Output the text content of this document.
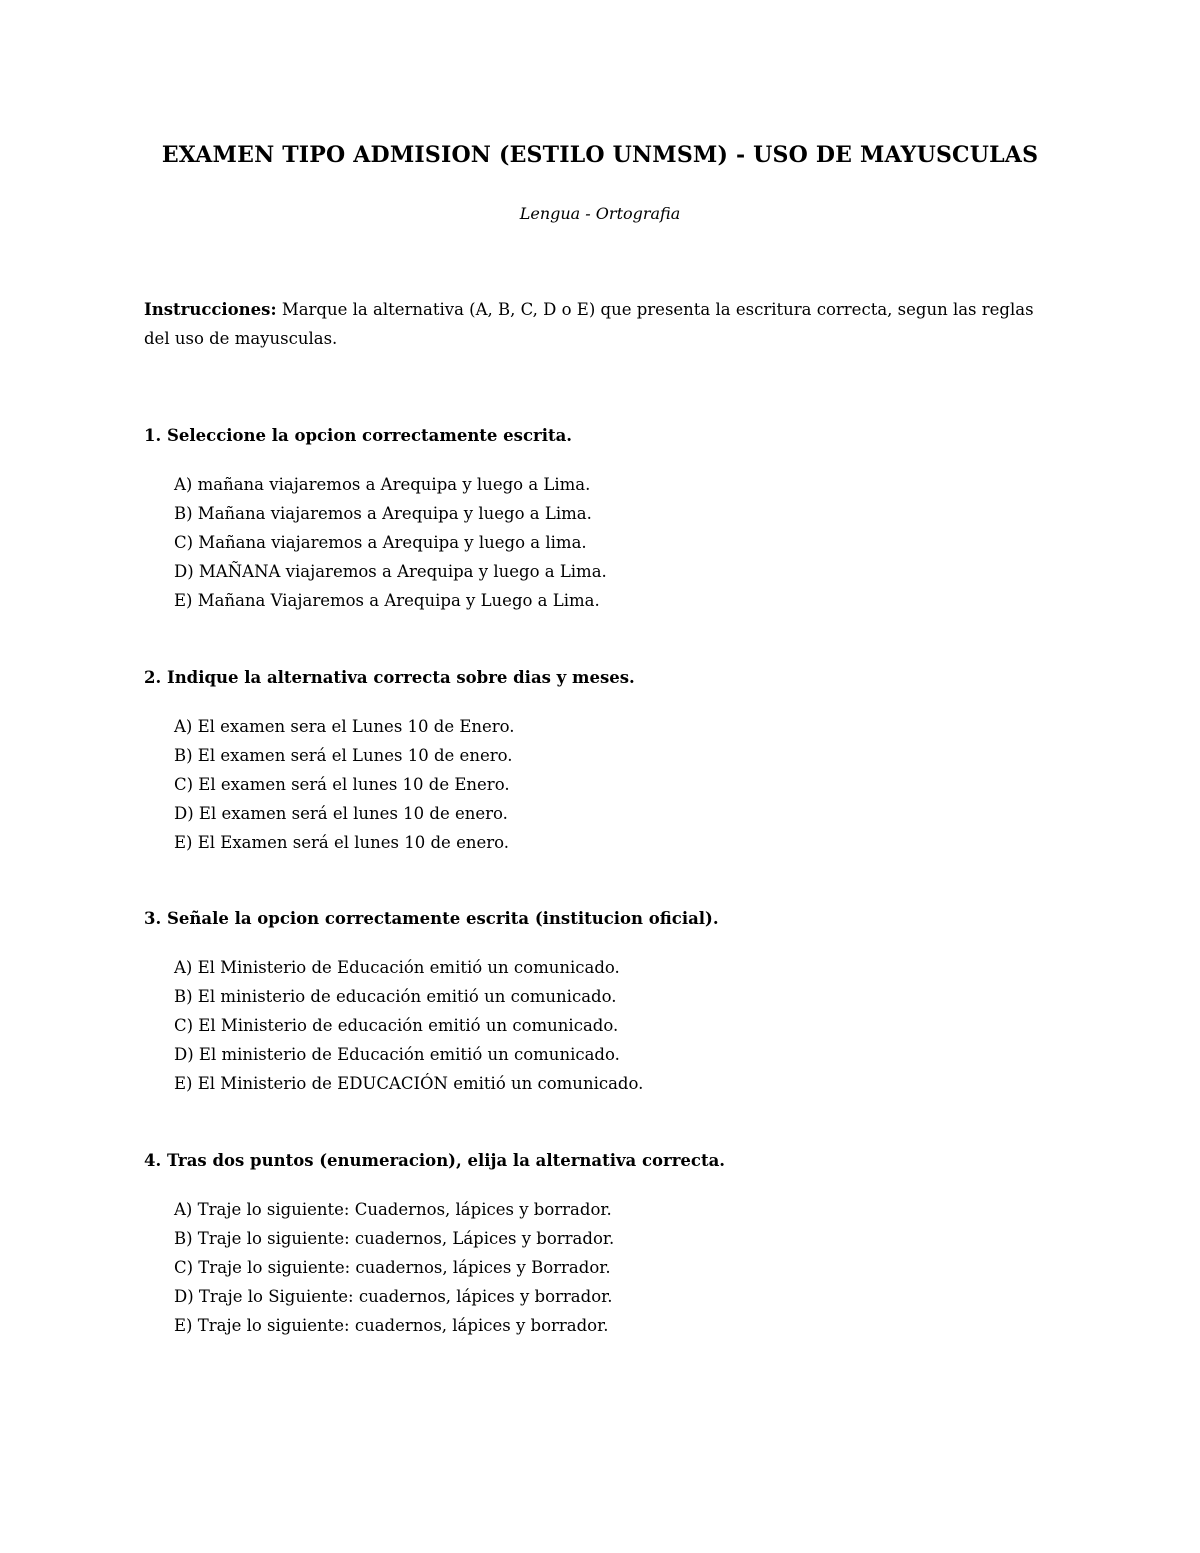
EXAMEN TIPO ADMISION (ESTILO UNMSM) - USO DE MAYUSCULAS
Lengua - Ortografia
Instrucciones: Marque la alternativa (A, B, C, D o E) que presenta la escritura correcta, segun las reglas del uso de mayusculas.

1. Seleccione la opcion correctamente escrita.

A) mañana viajaremos a Arequipa y luego a Lima.
B) Mañana viajaremos a Arequipa y luego a Lima.
C) Mañana viajaremos a Arequipa y luego a lima.
D) MAÑANA viajaremos a Arequipa y luego a Lima.
E) Mañana Viajaremos a Arequipa y Luego a Lima.

2. Indique la alternativa correcta sobre dias y meses.

A) El examen sera el Lunes 10 de Enero.
B) El examen será el Lunes 10 de enero.
C) El examen será el lunes 10 de Enero.
D) El examen será el lunes 10 de enero.
E) El Examen será el lunes 10 de enero.

3. Señale la opcion correctamente escrita (institucion oficial).

A) El Ministerio de Educación emitió un comunicado.
B) El ministerio de educación emitió un comunicado.
C) El Ministerio de educación emitió un comunicado.
D) El ministerio de Educación emitió un comunicado.
E) El Ministerio de EDUCACIÓN emitió un comunicado.

4. Tras dos puntos (enumeracion), elija la alternativa correcta.

A) Traje lo siguiente: Cuadernos, lápices y borrador.
B) Traje lo siguiente: cuadernos, Lápices y borrador.
C) Traje lo siguiente: cuadernos, lápices y Borrador.
D) Traje lo Siguiente: cuadernos, lápices y borrador.
E) Traje lo siguiente: cuadernos, lápices y borrador.
